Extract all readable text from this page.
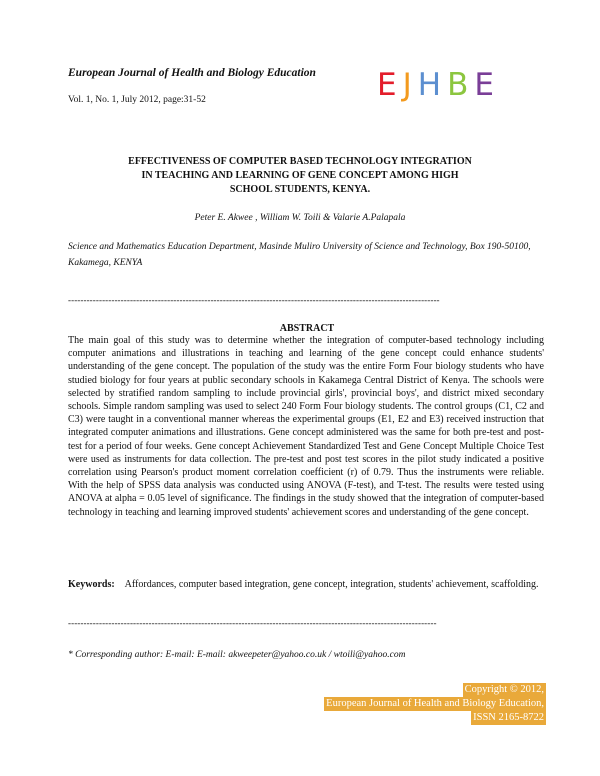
European Journal of Health and Biology Education
Vol. 1, No. 1, July 2012, page:31-52	EJHBE
EFFECTIVENESS OF COMPUTER BASED TECHNOLOGY INTEGRATION
IN TEACHING AND LEARNING OF GENE CONCEPT AMONG HIGH
SCHOOL STUDENTS, KENYA.
Peter E. Akwee , William W. Toili & Valarie A.Palapala
Science and Mathematics Education Department, Masinde Muliro University of Science and Technology, Box 190-50100, Kakamega, KENYA
------------------------------------------------------------------------------------------------------------------------
ABSTRACT
The main goal of this study was to determine whether the integration of computer-based technology including computer animations and illustrations in teaching and learning of the gene concept could enhance students' understanding of the gene concept. The population of the study was the entire Form Four biology students who have studied biology for four years at public secondary schools in Kakamega Central District of Kenya. The schools were selected by stratified random sampling to include provincial girls', provincial boys', and district mixed secondary schools. Simple random sampling was used to select 240 Form Four biology students. The control groups (C1, C2 and C3) were taught in a conventional manner whereas the experimental groups (E1, E2 and E3) received instruction that integrated computer animations and illustrations. Gene concept administered was the same for both pre-test and post-test for a period of four weeks. Gene concept Achievement Standardized Test and Gene Concept Multiple Choice Test were used as instruments for data collection. The pre-test and post test scores in the pilot study indicated a positive correlation using Pearson's product moment correlation coefficient (r) of 0.79. Thus the instruments were reliable. With the help of SPSS data analysis was conducted using ANOVA (F-test), and T-test. The results were tested using ANOVA at alpha = 0.05 level of significance. The findings in the study showed that the integration of computer-based technology in teaching and learning improved students' achievement scores and understanding of the gene concept.
Keywords: Affordances, computer based integration, gene concept, integration, students' achievement, scaffolding.
-----------------------------------------------------------------------------------------------------------------------
* Corresponding author: E-mail: E-mail: akweepeter@yahoo.co.uk / wtoili@yahoo.com
Copyright © 2012,
European Journal of Health and Biology Education,
ISSN 2165-8722
